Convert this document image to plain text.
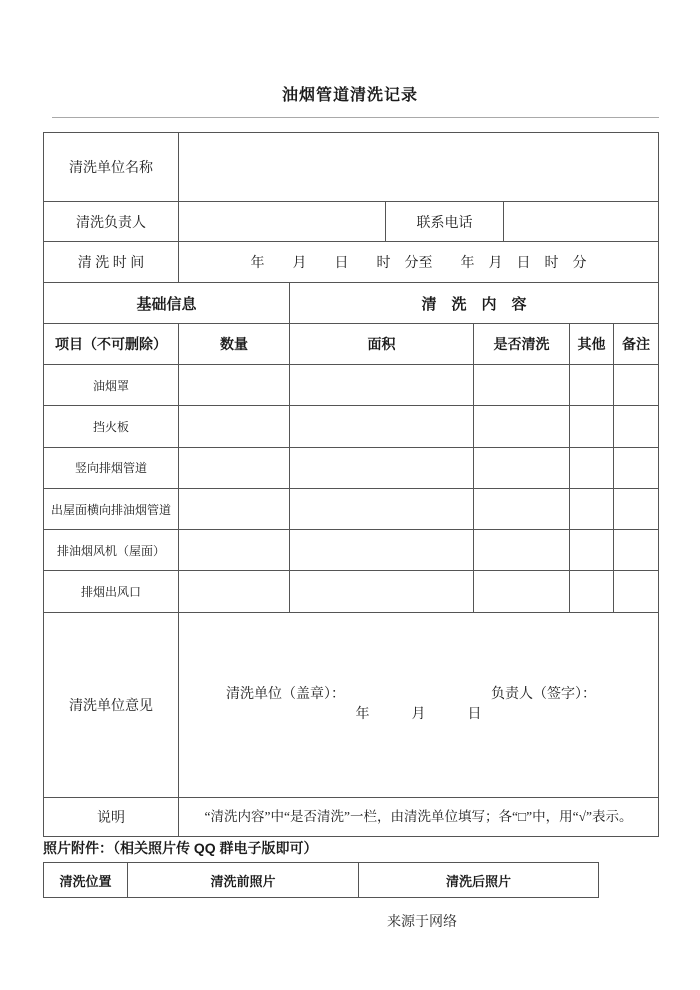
油烟管道清洗记录
清洗单位名称
清洗负责人	联系电话
清 洗 时 间	年　　月　　日　　时　分至　　年　月　日　时　分
基础信息	清　洗　内　容
项目（不可删除）	数量	面积	是否清洗	其他	备注
油烟罩
挡火板
竖向排烟管道
出屋面横向排油烟管道
排油烟风机（屋面）
排烟出风口
清洗单位意见
清洗单位（盖章）：	负责人（签字）：
年　　　月　　　日
说明	“清洗内容”中“是否清洗”一栏，由清洗单位填写；各“□”中，用“√”表示。
照片附件：（相关照片传 QQ 群电子版即可）
清洗位置	清洗前照片	清洗后照片
来源于网络
